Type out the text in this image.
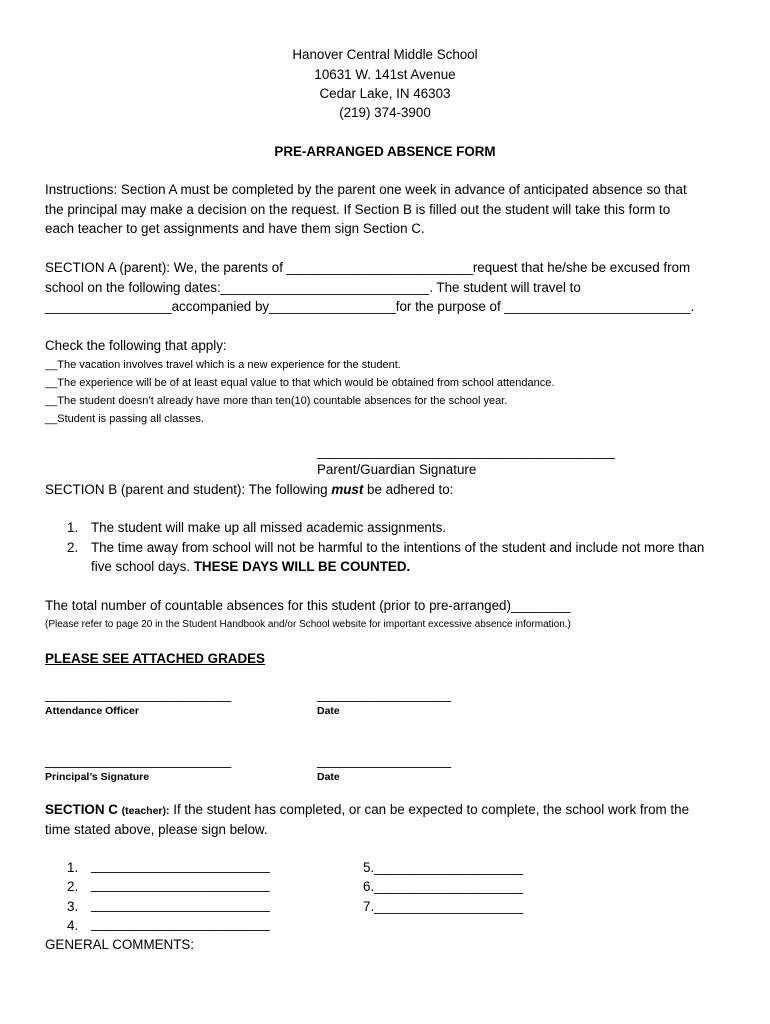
Hanover Central Middle School
10631 W. 141st Avenue
Cedar Lake, IN 46303
(219) 374-3900
PRE-ARRANGED ABSENCE FORM
Instructions: Section A must be completed by the parent one week in advance of anticipated absence so that
the principal may make a decision on the request. If Section B is filled out the student will take this form to
each teacher to get assignments and have them sign Section C.
SECTION A (parent): We, the parents of _________________________request that he/she be excused from
school on the following dates:____________________________. The student will travel to
_________________accompanied by_________________for the purpose of _________________________.
Check the following that apply:
__The vacation involves travel which is a new experience for the student.
__The experience will be of at least equal value to that which would be obtained from school attendance.
__The student doesn’t already have more than ten(10) countable absences for the school year.
__Student is passing all classes.
________________________________________
Parent/Guardian Signature
SECTION B (parent and student): The following must be adhered to:
1. The student will make up all missed academic assignments.
2. The time away from school will not be harmful to the intentions of the student and include not more than
five school days. THESE DAYS WILL BE COUNTED.
The total number of countable absences for this student (prior to pre-arranged)________
(Please refer to page 20 in the Student Handbook and/or School website for important excessive absence information.)
PLEASE SEE ATTACHED GRADES
_________________________
Attendance Officer
__________________
Date
_________________________
Principal’s Signature
__________________
Date
SECTION C (teacher): If the student has completed, or can be expected to complete, the school work from the
time stated above, please sign below.
1. ________________________
2. ________________________
3. ________________________
4. ________________________
5.____________________
6.____________________
7.____________________
GENERAL COMMENTS:
